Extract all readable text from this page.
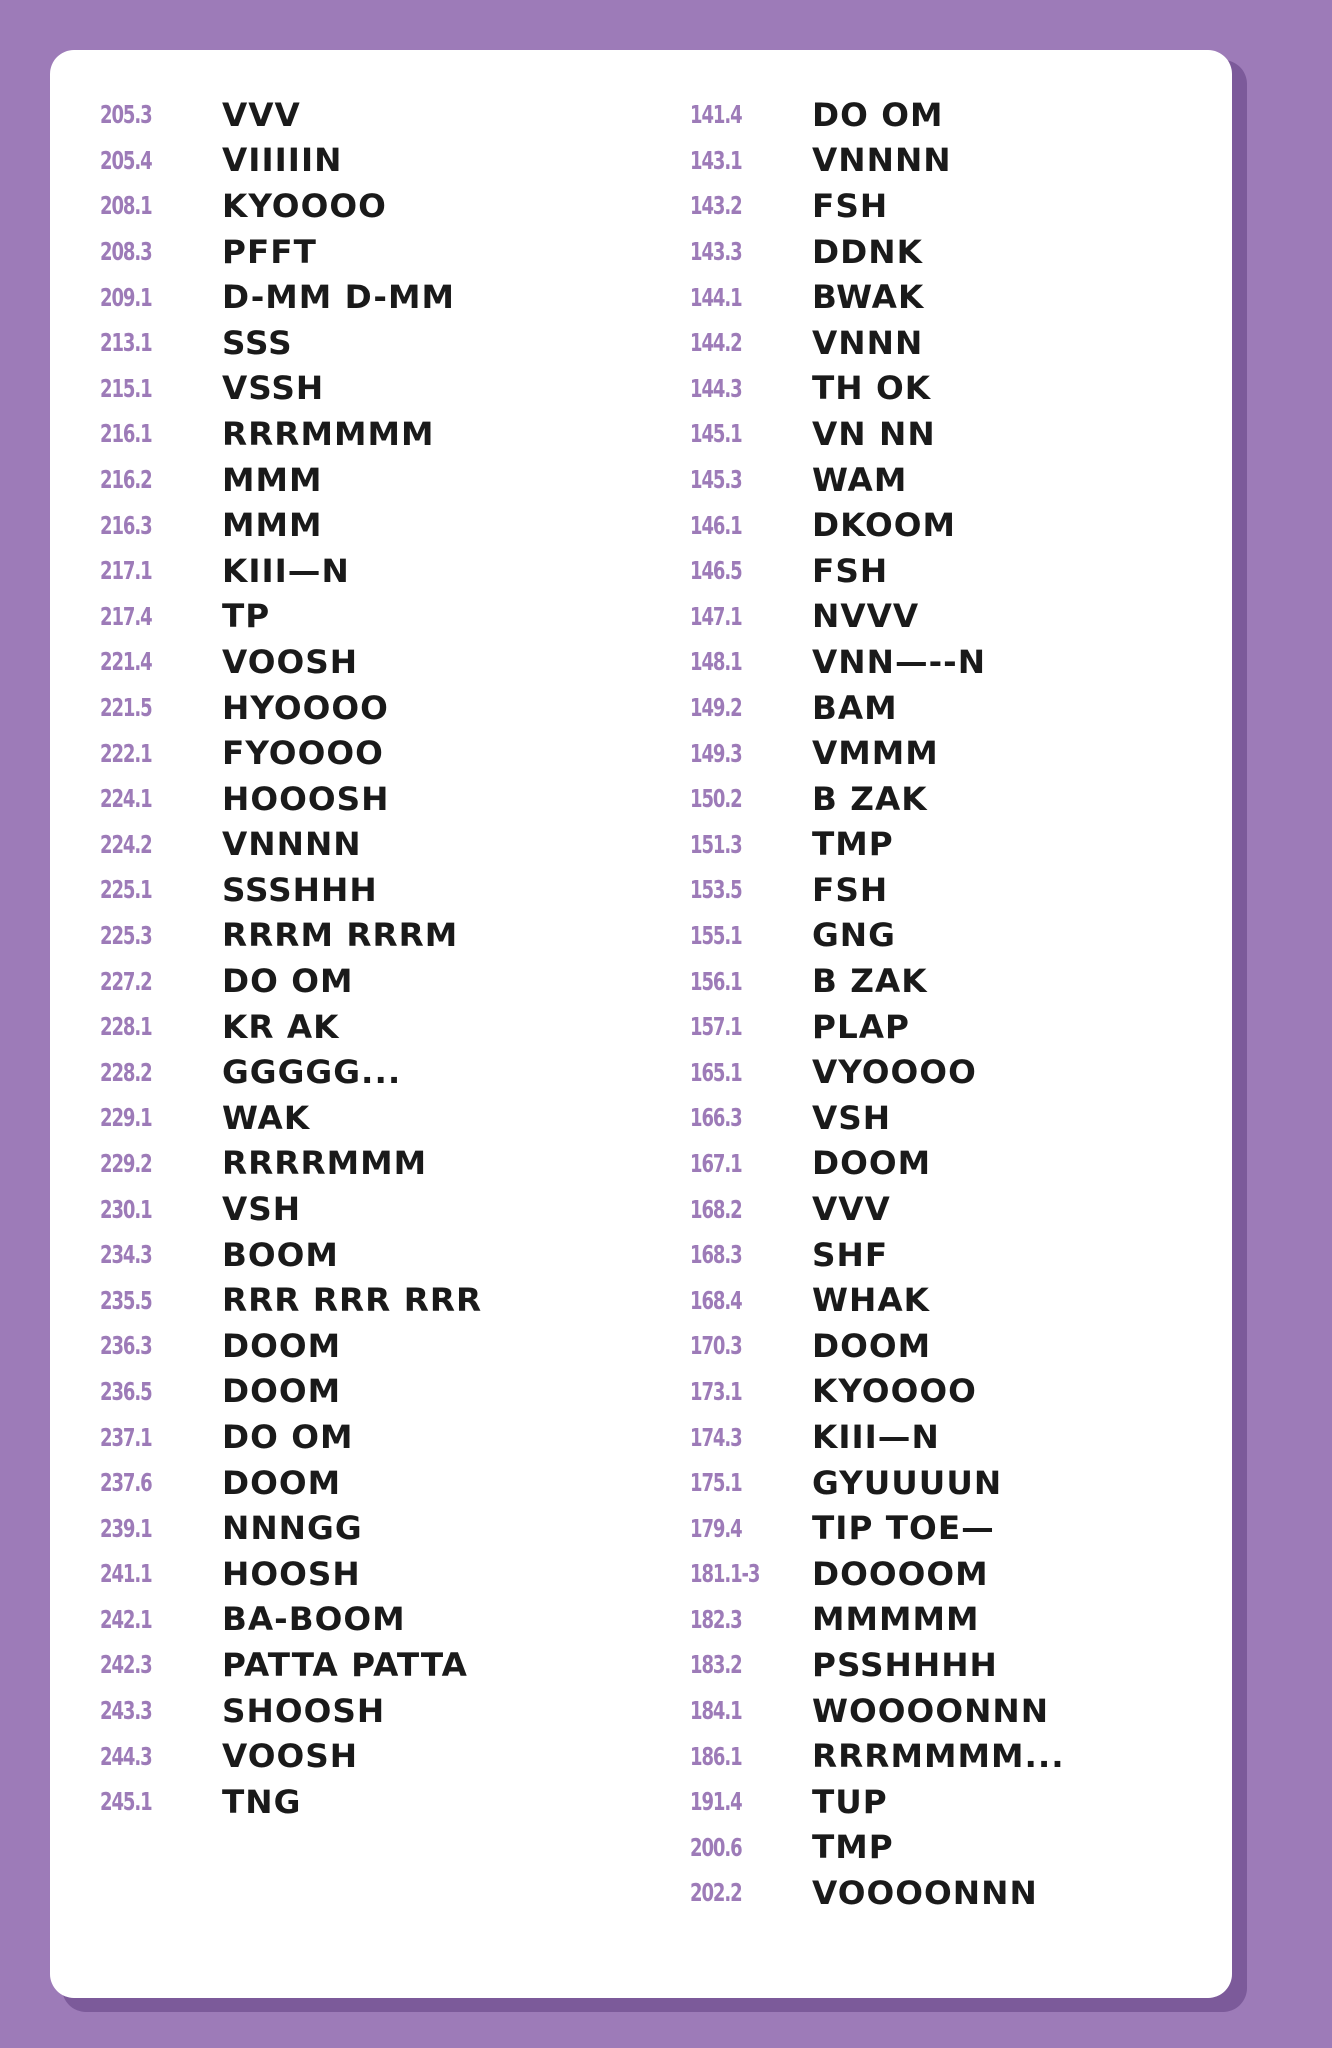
205.3	VVV
205.4	VIIIIIN
208.1	KYOOOO
208.3	PFFT
209.1	D-MM D-MM
213.1	SSS
215.1	VSSH
216.1	RRRMMMM
216.2	MMM
216.3	MMM
217.1	KIII—N
217.4	TP
221.4	VOOSH
221.5	HYOOOO
222.1	FYOOOO
224.1	HOOOSH
224.2	VNNNN
225.1	SSSHHH
225.3	RRRM RRRM
227.2	DO OM
228.1	KR AK
228.2	GGGGG...
229.1	WAK
229.2	RRRRMMM
230.1	VSH
234.3	BOOM
235.5	RRR RRR RRR
236.3	DOOM
236.5	DOOM
237.1	DO OM
237.6	DOOM
239.1	NNNGG
241.1	HOOSH
242.1	BA-BOOM
242.3	PATTA PATTA
243.3	SHOOSH
244.3	VOOSH
245.1	TNG
141.4	DO OM
143.1	VNNNN
143.2	FSH
143.3	DDNK
144.1	BWAK
144.2	VNNN
144.3	TH OK
145.1	VN NN
145.3	WAM
146.1	DKOOM
146.5	FSH
147.1	NVVV
148.1	VNN—--N
149.2	BAM
149.3	VMMM
150.2	B ZAK
151.3	TMP
153.5	FSH
155.1	GNG
156.1	B ZAK
157.1	PLAP
165.1	VYOOOO
166.3	VSH
167.1	DOOM
168.2	VVV
168.3	SHF
168.4	WHAK
170.3	DOOM
173.1	KYOOOO
174.3	KIII—N
175.1	GYUUUUN
179.4	TIP TOE—
181.1-3	DOOOOM
182.3	MMMMM
183.2	PSSHHHH
184.1	WOOOONNN
186.1	RRRMMMM...
191.4	TUP
200.6	TMP
202.2	VOOOONNN
